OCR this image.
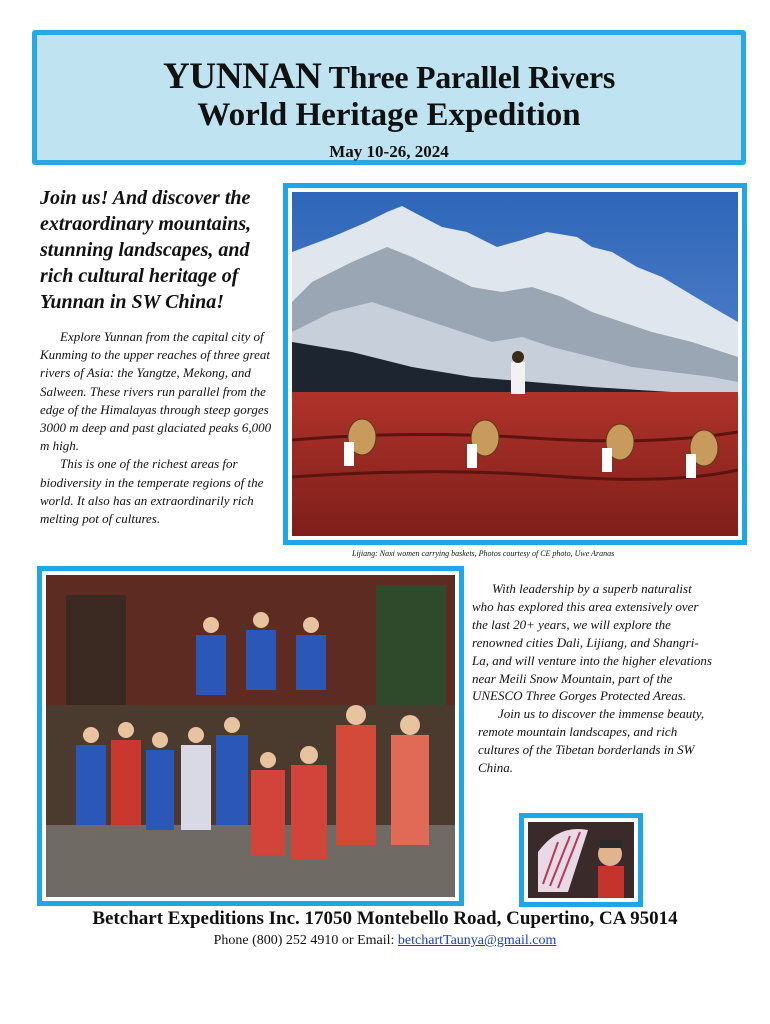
YUNNAN Three Parallel Rivers
World Heritage Expedition
May 10-26, 2024
Join us! And discover the extraordinary mountains, stunning landscapes, and rich cultural heritage of Yunnan in SW China!

Explore Yunnan from the capital city of Kunming to the upper reaches of three great rivers of Asia: the Yangtze, Mekong, and Salween. These rivers run parallel from the edge of the Himalayas through steep gorges 3000 m deep and past glaciated peaks 6,000 m high.

This is one of the richest areas for biodiversity in the temperate regions of the world. It also has an extraordinarily rich melting pot of cultures.

Lijiang: Naxi women carrying baskets, Photos courtesy of CE photo, Uwe Aranas

With leadership by a superb naturalist who has explored this area extensively over the last 20+ years, we will explore the renowned cities Dali, Lijiang, and Shangri-La, and will venture into the higher elevations near Meili Snow Mountain, part of the UNESCO Three Gorges Protected Areas.

Join us to discover the immense beauty, remote mountain landscapes, and rich cultures of the Tibetan borderlands in SW China.

Betchart Expeditions Inc. 17050 Montebello Road, Cupertino, CA 95014
Phone (800) 252 4910 or Email: betchartTaunya@gmail.com
